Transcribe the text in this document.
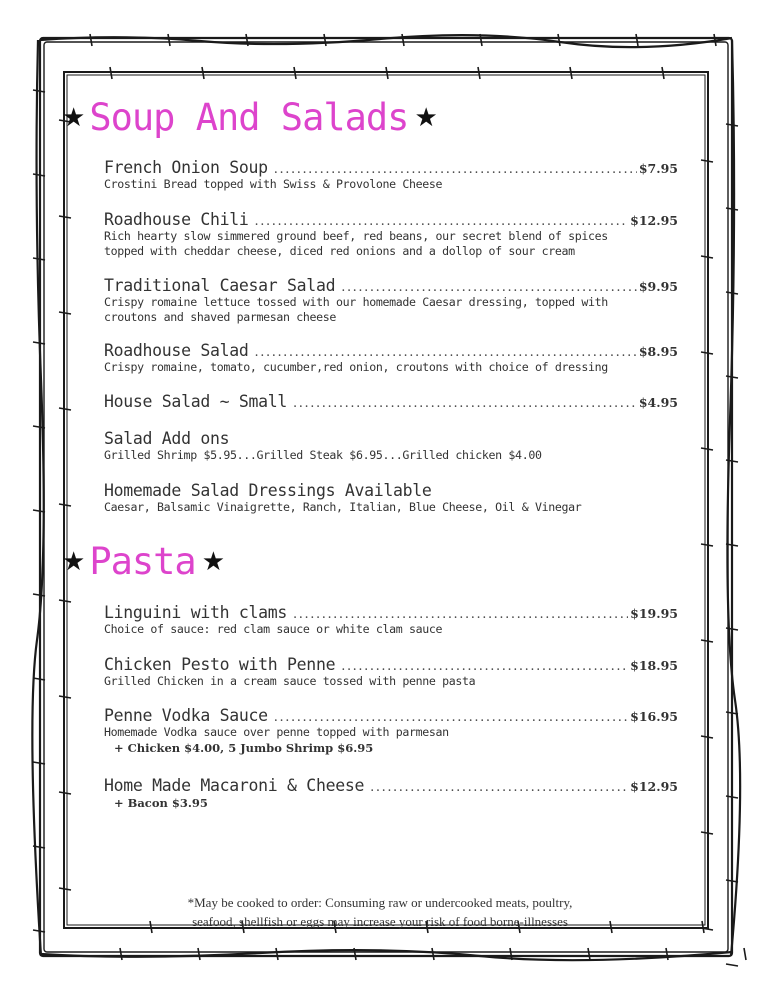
★ Soup And Salads ★
French Onion Soup .....	$7.95
Crostini Bread topped with Swiss & Provolone Cheese
Roadhouse Chili .....	$12.95
Rich hearty slow simmered ground beef, red beans, our secret blend of spices
topped with cheddar cheese, diced red onions and a dollop of sour cream
Traditional Caesar Salad .....	$9.95
Crispy romaine lettuce tossed with our homemade Caesar dressing, topped with
croutons and shaved parmesan cheese
Roadhouse Salad .....	$8.95
Crispy romaine, tomato, cucumber,red onion, croutons with choice of dressing
House Salad ~ Small .....	$4.95
Salad Add ons
Grilled Shrimp $5.95...Grilled Steak $6.95...Grilled chicken $4.00
Homemade Salad Dressings Available
Caesar, Balsamic Vinaigrette, Ranch, Italian, Blue Cheese, Oil & Vinegar
★ Pasta ★
Linguini with clams .....	$19.95
Choice of sauce: red clam sauce or white clam sauce
Chicken Pesto with Penne .....	$18.95
Grilled Chicken in a cream sauce tossed with penne pasta
Penne Vodka Sauce .....	$16.95
Homemade Vodka sauce over penne topped with parmesan
+ Chicken $4.00, 5 Jumbo Shrimp $6.95
Home Made Macaroni & Cheese .....	$12.95
+ Bacon $3.95
*May be cooked to order: Consuming raw or undercooked meats, poultry,
seafood, shellfish or eggs may increase your risk of food borne-illnesses
